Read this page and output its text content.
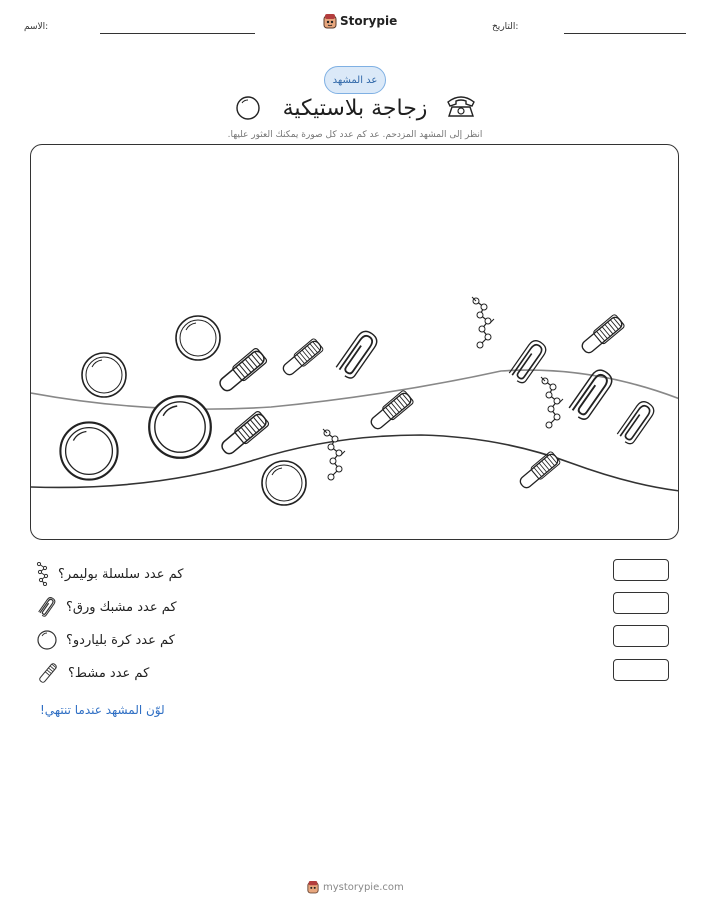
الاسم:	Storypie	التاريخ:
عد المشهد
زجاجة بلاستيكية
انظر إلى المشهد المزدحم. عد كم عدد كل صورة يمكنك العثور عليها.
كم عدد سلسلة بوليمر؟
كم عدد مشبك ورق؟
كم عدد كرة بلياردو؟
كم عدد مشط؟
لوّن المشهد عندما تنتهي!
mystorypie.com
